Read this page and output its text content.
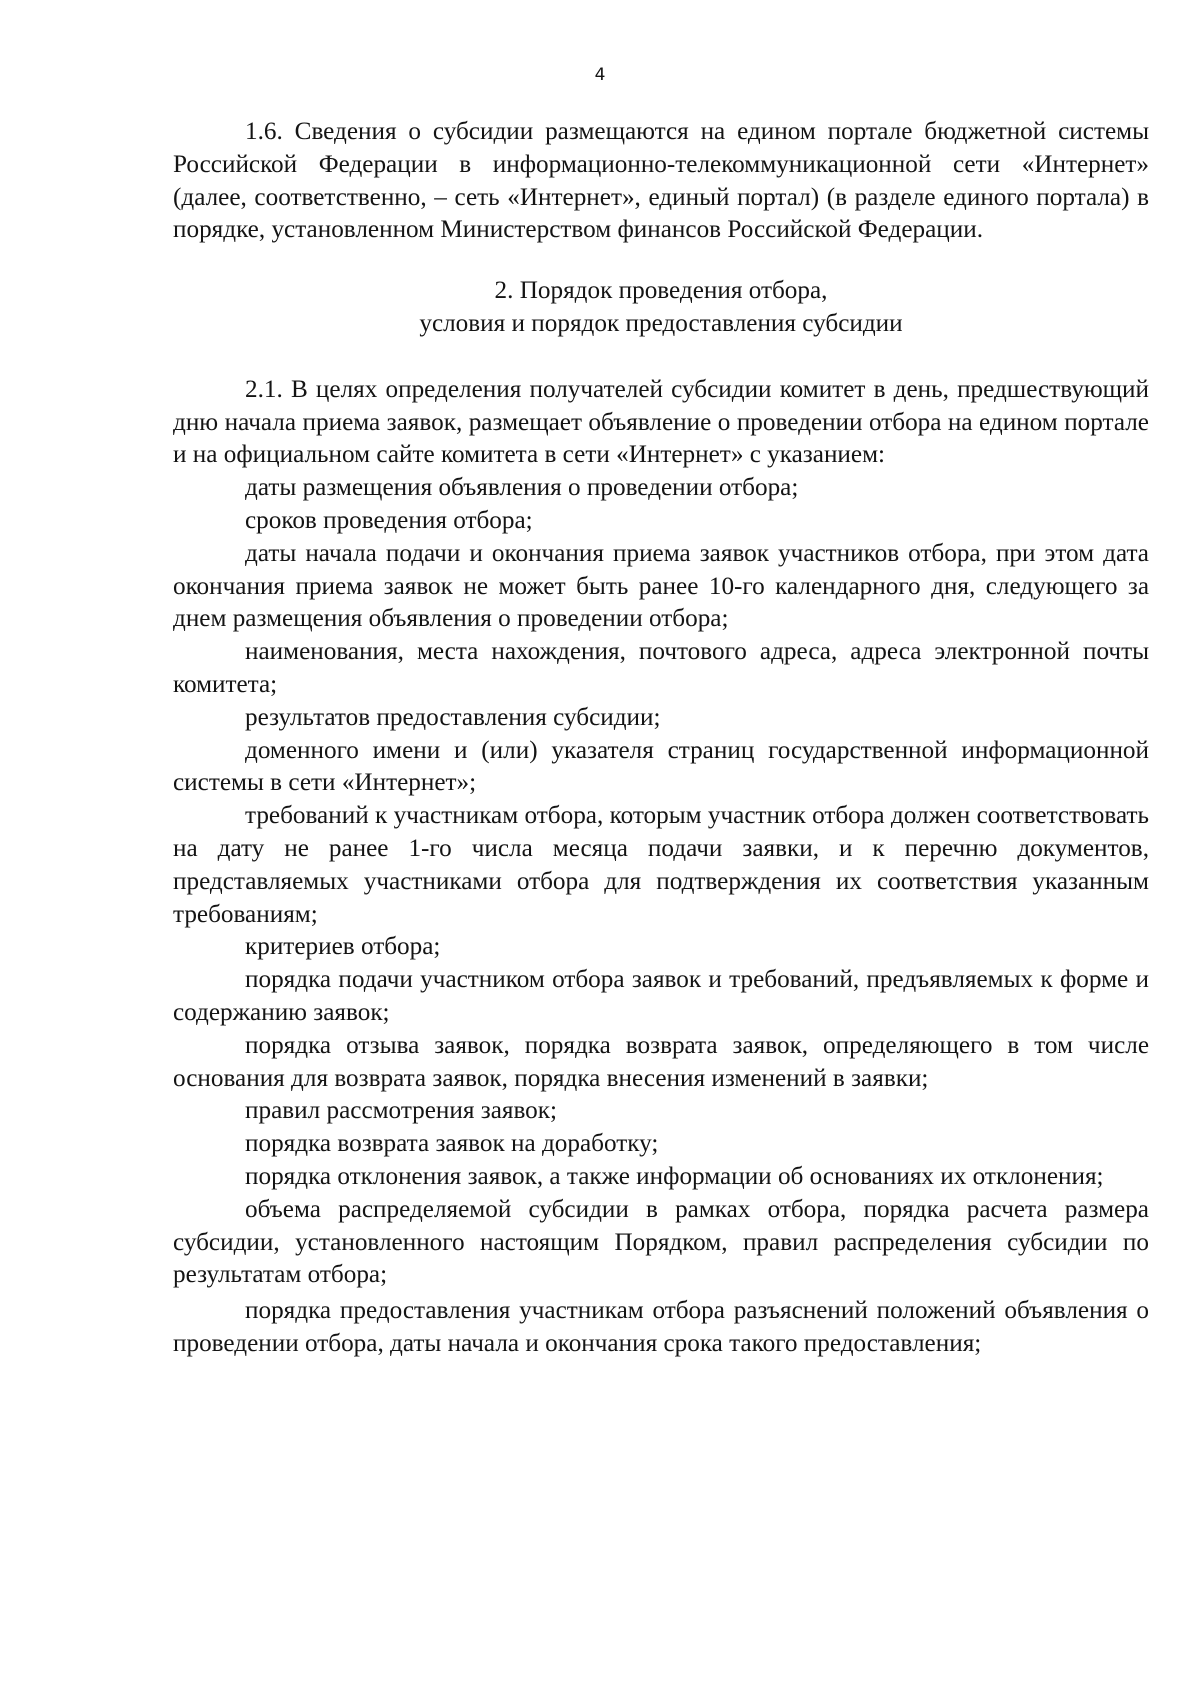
4

1.6. Сведения о субсидии размещаются на едином портале бюджетной системы Российской Федерации в информационно-телекоммуникационной сети «Интернет» (далее, соответственно, – сеть «Интернет», единый портал) (в разделе единого портала) в порядке, установленном Министерством финансов Российской Федерации.

2. Порядок проведения отбора,
условия и порядок предоставления субсидии

2.1. В целях определения получателей субсидии комитет в день, предшествующий дню начала приема заявок, размещает объявление о проведении отбора на едином портале и на официальном сайте комитета в сети «Интернет» с указанием:

даты размещения объявления о проведении отбора;

сроков проведения отбора;

даты начала подачи и окончания приема заявок участников отбора, при этом дата окончания приема заявок не может быть ранее 10-го календарного дня, следующего за днем размещения объявления о проведении отбора;

наименования, места нахождения, почтового адреса, адреса электронной почты комитета;

результатов предоставления субсидии;

доменного имени и (или) указателя страниц государственной информационной системы в сети «Интернет»;

требований к участникам отбора, которым участник отбора должен соответствовать на дату не ранее 1-го числа месяца подачи заявки, и к перечню документов, представляемых участниками отбора для подтверждения их соответствия указанным требованиям;

критериев отбора;

порядка подачи участником отбора заявок и требований, предъявляемых к форме и содержанию заявок;

порядка отзыва заявок, порядка возврата заявок, определяющего в том числе основания для возврата заявок, порядка внесения изменений в заявки;

правил рассмотрения заявок;

порядка возврата заявок на доработку;

порядка отклонения заявок, а также информации об основаниях их отклонения;

объема распределяемой субсидии в рамках отбора, порядка расчета размера субсидии, установленного настоящим Порядком, правил распределения субсидии по результатам отбора;

порядка предоставления участникам отбора разъяснений положений объявления о проведении отбора, даты начала и окончания срока такого предоставления;
